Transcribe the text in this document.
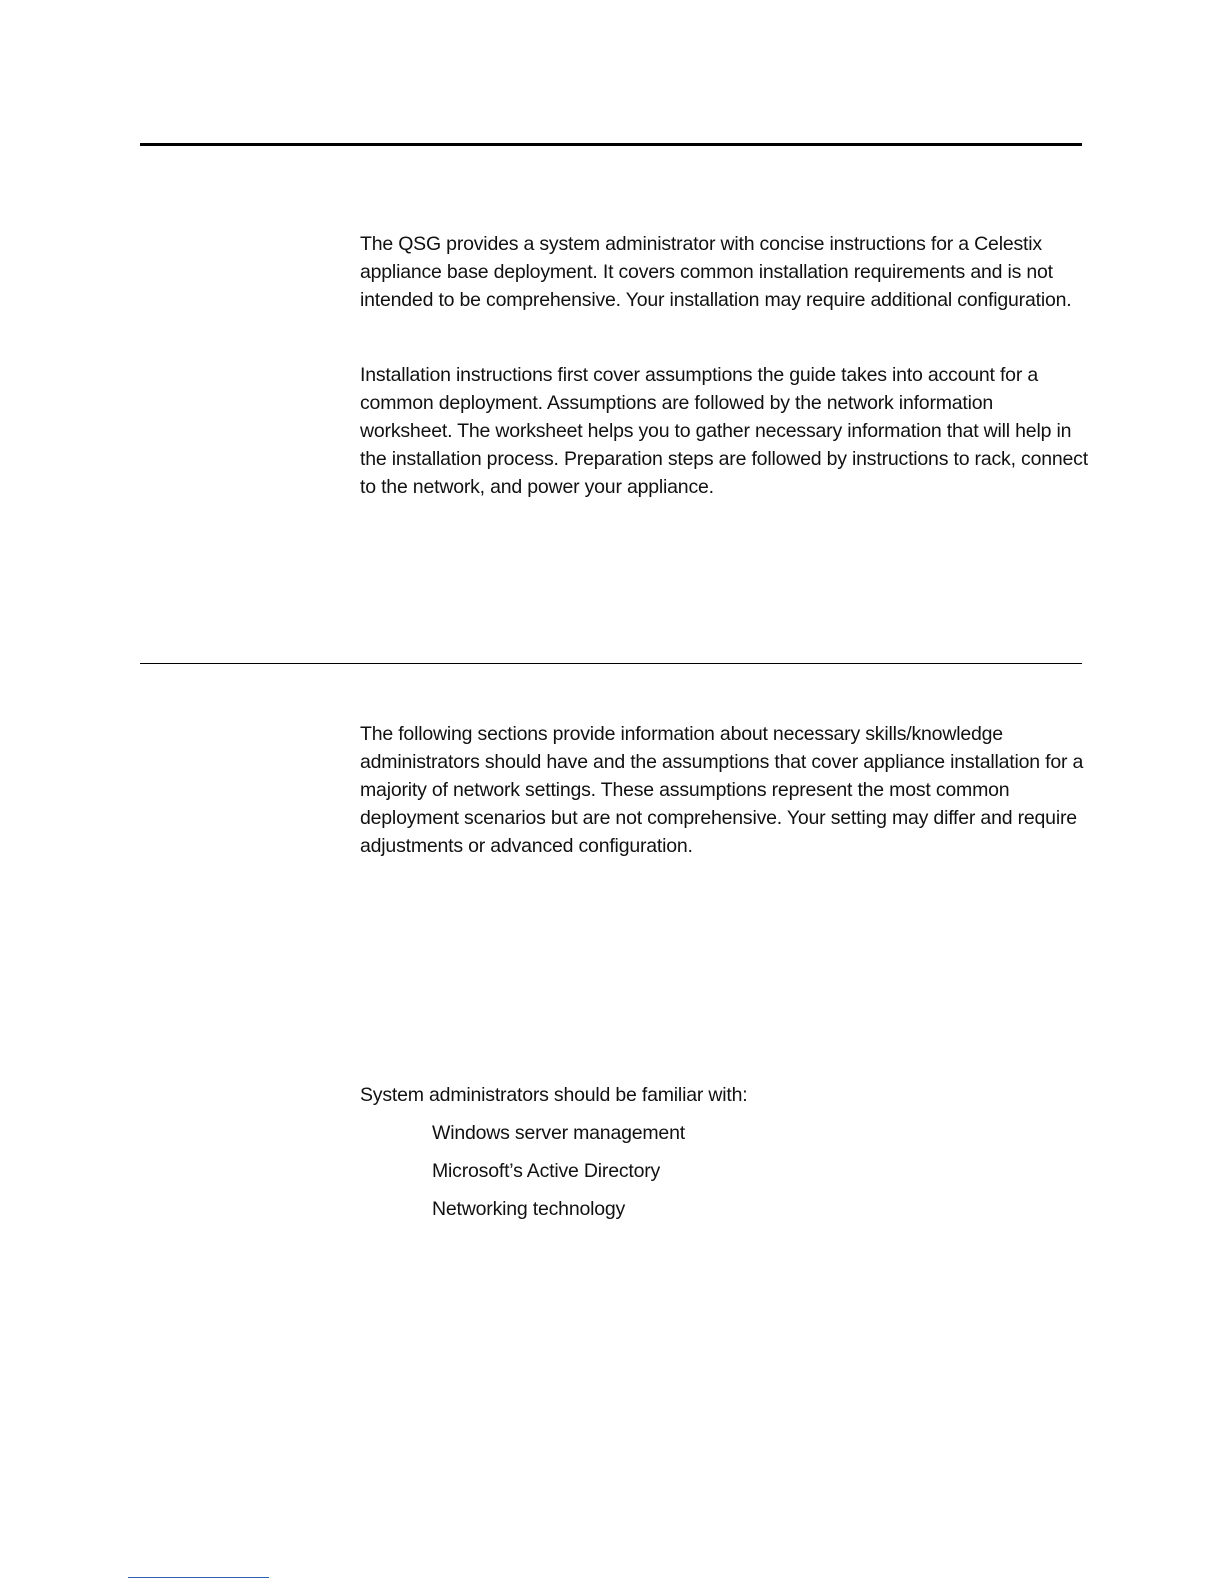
The QSG provides a system administrator with concise instructions for a Celestix appliance base deployment. It covers common installation requirements and is not intended to be comprehensive. Your installation may require additional configuration.

Installation instructions first cover assumptions the guide takes into account for a common deployment. Assumptions are followed by the network information worksheet. The worksheet helps you to gather necessary information that will help in the installation process. Preparation steps are followed by instructions to rack, connect to the network, and power your appliance.

The following sections provide information about necessary skills/knowledge administrators should have and the assumptions that cover appliance installation for a majority of network settings. These assumptions represent the most common deployment scenarios but are not comprehensive. Your setting may differ and require adjustments or advanced configuration.

System administrators should be familiar with:

Windows server management
Microsoft’s Active Directory
Networking technology
